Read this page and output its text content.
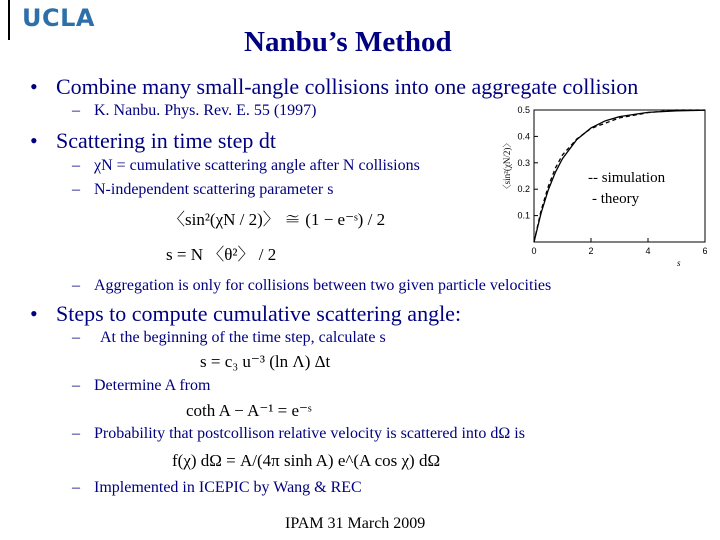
UCLA
Nanbu’s Method
• Combine many small-angle collisions into one aggregate collision
– K. Nanbu. Phys. Rev. E. 55 (1997)
• Scattering in time step dt
– χN = cumulative scattering angle after N collisions
– N-independent scattering parameter s
〈sin²(χN / 2)〉 ≅ (1 − e⁻ˢ) / 2
s = N 〈θ²〉 / 2
0.1
0.2
0.3
0.4
0.5
0	2	4	6
s
〈sin²(χN/2)〉	-- simulation
- theory
– Aggregation is only for collisions between two given particle velocities
• Steps to compute cumulative scattering angle:
– At the beginning of the time step, calculate s
s = c₃ u⁻³ (ln Λ) Δt
– Determine A from
coth A − A⁻¹ = e⁻ˢ
– Probability that postcollison relative velocity is scattered into dΩ is
f(χ) dΩ = A/(4π sinh A) e^(A cos χ) dΩ
– Implemented in ICEPIC by Wang & REC
IPAM 31 March 2009
